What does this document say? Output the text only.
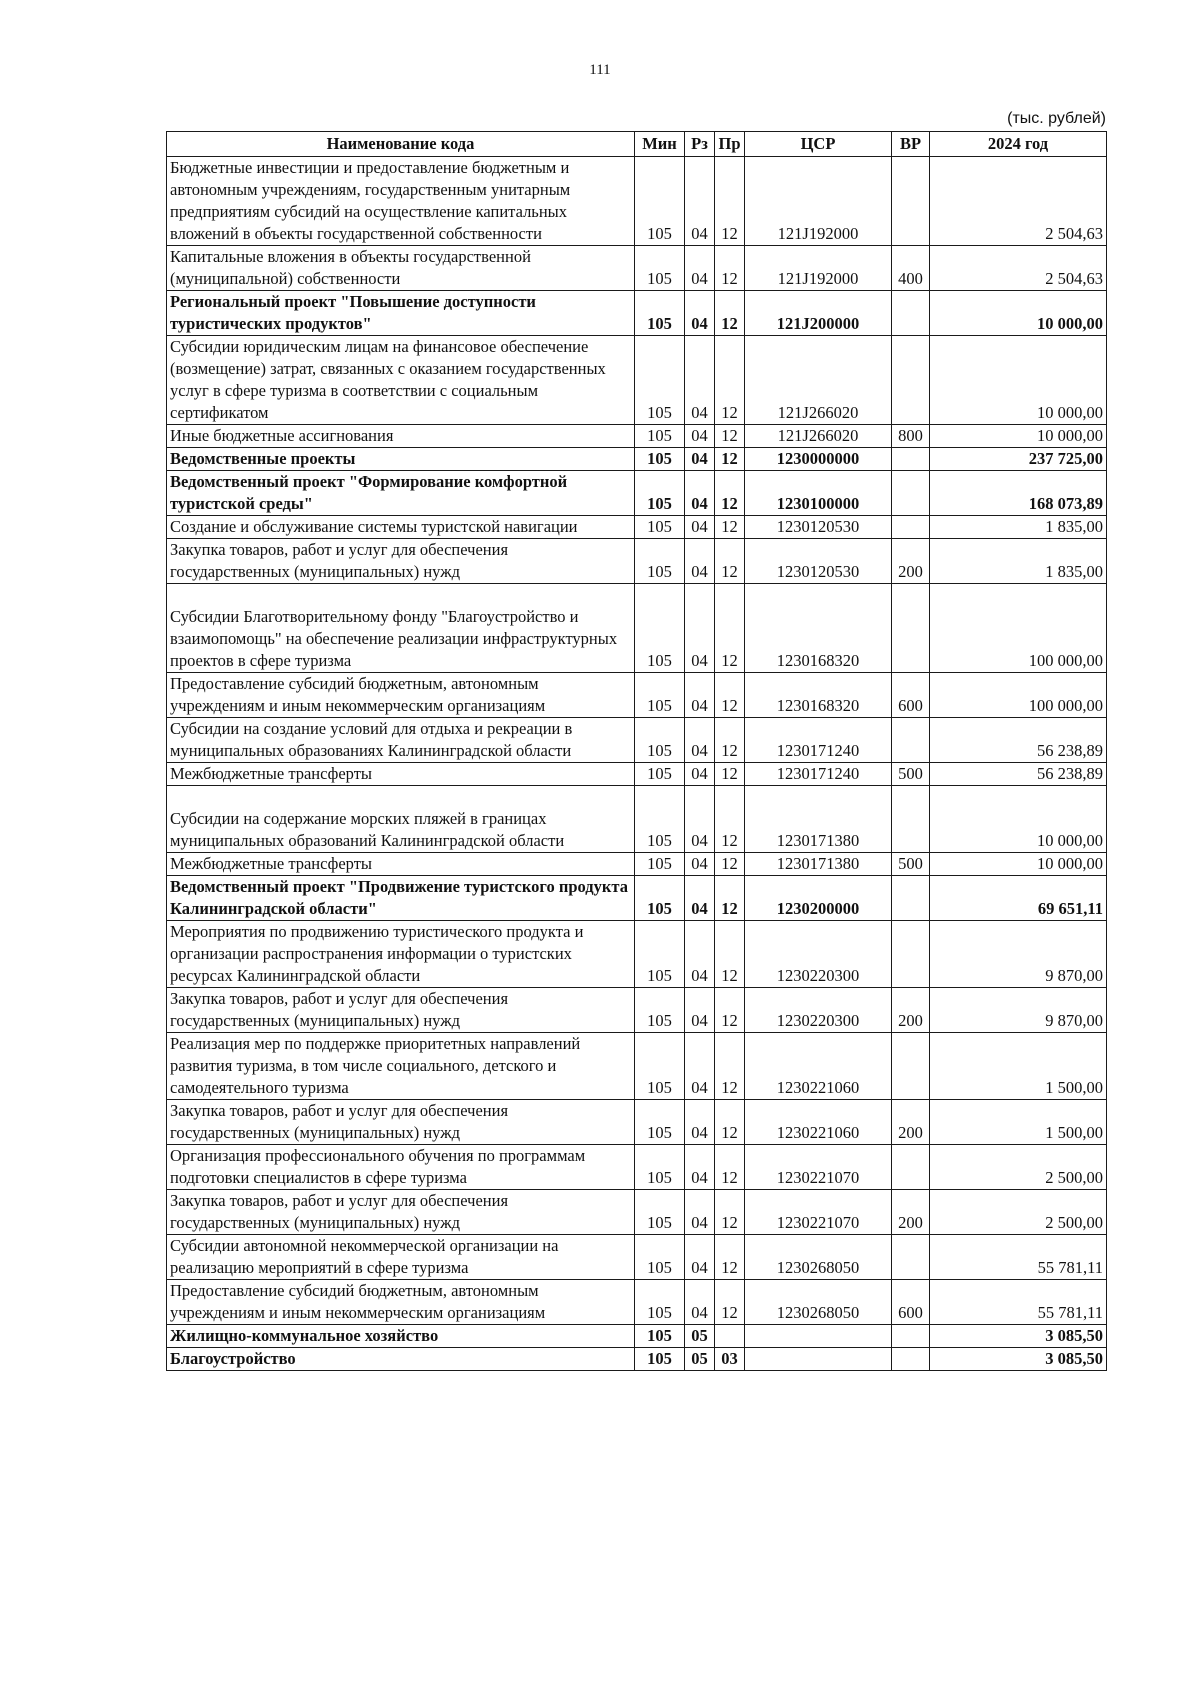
111
(тыс. рублей)
Наименование кода	Мин	Рз	Пр	ЦСР	ВР	2024 год
Бюджетные инвестиции и предоставление бюджетным и автономным учреждениям, государственным унитарным предприятиям субсидий на осуществление капитальных вложений в объекты государственной собственности	105	04	12	121J192000		2 504,63
Капитальные вложения в объекты государственной (муниципальной) собственности	105	04	12	121J192000	400	2 504,63
Региональный проект "Повышение доступности туристических продуктов"	105	04	12	121J200000		10 000,00
Субсидии юридическим лицам на финансовое обеспечение (возмещение) затрат, связанных с оказанием государственных услуг в сфере туризма в соответствии с социальным сертификатом	105	04	12	121J266020		10 000,00
Иные бюджетные ассигнования	105	04	12	121J266020	800	10 000,00
Ведомственные проекты	105	04	12	1230000000		237 725,00
Ведомственный проект "Формирование комфортной туристской среды"	105	04	12	1230100000		168 073,89
Создание и обслуживание системы туристской навигации	105	04	12	1230120530		1 835,00
Закупка товаров, работ и услуг для обеспечения государственных (муниципальных) нужд	105	04	12	1230120530	200	1 835,00
Субсидии Благотворительному фонду "Благоустройство и взаимопомощь" на обеспечение реализации инфраструктурных проектов в сфере туризма	105	04	12	1230168320		100 000,00
Предоставление субсидий бюджетным, автономным учреждениям и иным некоммерческим организациям	105	04	12	1230168320	600	100 000,00
Субсидии на создание условий для отдыха и рекреации в муниципальных образованиях Калининградской области	105	04	12	1230171240		56 238,89
Межбюджетные трансферты	105	04	12	1230171240	500	56 238,89
Субсидии на содержание морских пляжей в границах муниципальных образований Калининградской области	105	04	12	1230171380		10 000,00
Межбюджетные трансферты	105	04	12	1230171380	500	10 000,00
Ведомственный проект "Продвижение туристского продукта Калининградской области"	105	04	12	1230200000		69 651,11
Мероприятия по продвижению туристического продукта и организации распространения информации о туристских ресурсах Калининградской области	105	04	12	1230220300		9 870,00
Закупка товаров, работ и услуг для обеспечения государственных (муниципальных) нужд	105	04	12	1230220300	200	9 870,00
Реализация мер по поддержке приоритетных направлений развития туризма, в том числе социального, детского и самодеятельного туризма	105	04	12	1230221060		1 500,00
Закупка товаров, работ и услуг для обеспечения государственных (муниципальных) нужд	105	04	12	1230221060	200	1 500,00
Организация профессионального обучения по программам подготовки специалистов в сфере туризма	105	04	12	1230221070		2 500,00
Закупка товаров, работ и услуг для обеспечения государственных (муниципальных) нужд	105	04	12	1230221070	200	2 500,00
Субсидии автономной некоммерческой организации на реализацию мероприятий в сфере туризма	105	04	12	1230268050		55 781,11
Предоставление субсидий бюджетным, автономным учреждениям и иным некоммерческим организациям	105	04	12	1230268050	600	55 781,11
Жилищно-коммунальное хозяйство	105	05				3 085,50
Благоустройство	105	05	03			3 085,50
